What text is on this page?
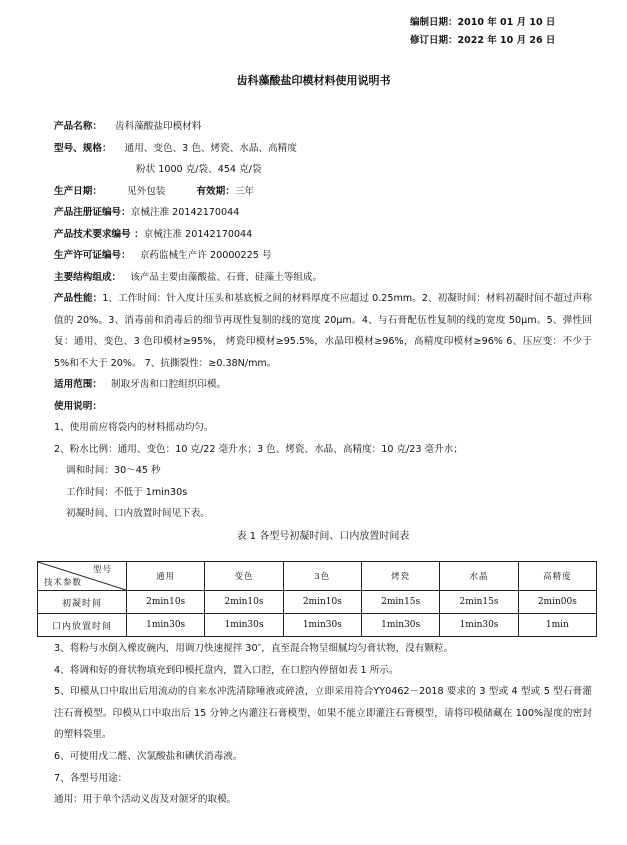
编制日期：2010 年 01 月 10 日
修订日期：2022 年 10 月 26 日
齿科藻酸盐印模材料使用说明书
产品名称： 齿科藻酸盐印模材料
型号、规格： 通用、变色、3 色、烤瓷、水晶、高精度
粉状 1000 克/袋、454 克/袋
生产日期：	见外包装	有效期：三年
产品注册证编号：京械注准 20142170044
产品技术要求编号 ：京械注准 20142170044
生产许可证编号： 京药监械生产许 20000225 号
主要结构组成： 该产品主要由藻酸盐、石膏、硅藻土等组成。
产品性能：1、工作时间：针入度计压头和基底板之间的材料厚度不应超过 0.25mm。2、初凝时间：材料初凝时间不超过声称值的 20%。3、消毒前和消毒后的细节再现性复制的线的宽度 20μm。4、与石膏配伍性复制的线的宽度 50μm。5、弹性回复：通用、变色、3 色印模材≥95%， 烤瓷印模材≥95.5%，水晶印模材≥96%，高精度印模材≥96% 6、压应变：不少于 5%和不大于 20%。 7、抗撕裂性：≥0.38N/mm。
适用范围： 制取牙齿和口腔组织印模。
使用说明：
1、使用前应将袋内的材料摇动均匀。
2、粉水比例：通用、变色：10 克/22 毫升水；3 色、烤瓷、水晶、高精度：10 克/23 毫升水；
调和时间：30～45 秒
工作时间：不低于 1min30s
初凝时间、口内放置时间见下表。
表 1 各型号初凝时间、口内放置时间表
型号
技术参数	通用	变色	3色	烤瓷	水晶	高精度
初凝时间	2min10s	2min10s	2min10s	2min15s	2min15s	2min00s
口内放置时间	1min30s	1min30s	1min30s	1min30s	1min30s	1min
3、将粉与水倒入橡皮碗内，用调刀快速搅拌 30″，直至混合物呈细腻均匀膏状物，没有颗粒。
4、将调和好的膏状物填充到印模托盘内，置入口腔，在口腔内停留如表 1 所示。
5、印模从口中取出后用流动的自来水冲洗清除唾液或碎渣，立即采用符合YY0462－2018 要求的 3 型或 4 型或 5 型石膏灌注石膏模型。印模从口中取出后 15 分钟之内灌注石膏模型，如果不能立即灌注石膏模型，请将印模储藏在 100%湿度的密封的塑料袋里。
6、可使用戊二醛、次氯酸盐和碘伏消毒液。
7、各型号用途：
通用：用于单个活动义齿及对颌牙的取模。
